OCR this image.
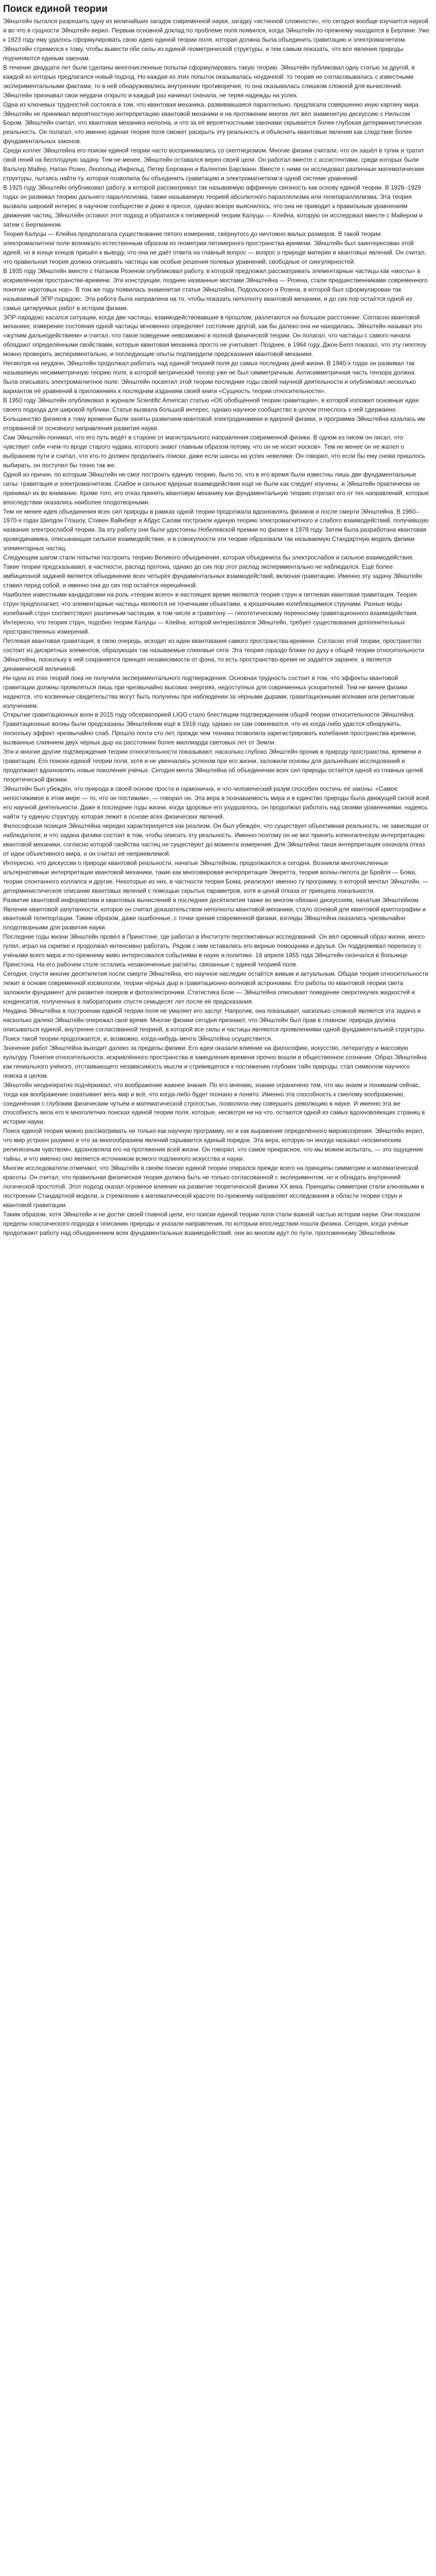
Поиск единой теории

Эйнштейн пытался разрешить одну из величайших загадок современной науки, загадку «истинной сложности», что сегодня вообще изучается наукой и во что в сущности Эйнштейн верил. Первым основной доклад по проблеме поля появился, когда Эйнштейн по-прежнему находился в Берлине. Уже к 1923 году ему удалось сформулировать свою идею единой теории поля, которая должна была объединить гравитацию и электромагнетизм. Эйнштейн стремился к тому, чтобы вывести обе силы из единой геометрической структуры, и тем самым показать, что все явления природы подчиняются единым законам.

В течение двадцати лет были сделаны многочисленные попытки сформулировать такую теорию. Эйнштейн публиковал одну статью за другой, в каждой из которых предлагался новый подход. Но каждая из этих попыток оказывалась неудачной: то теория не согласовывалась с известными экспериментальными фактами, то в ней обнаруживались внутренние противоречия, то она оказывалась слишком сложной для вычислений. Эйнштейн признавал свои неудачи открыто и каждый раз начинал сначала, не теряя надежды на успех.

Одна из ключевых трудностей состояла в том, что квантовая механика, развивавшаяся параллельно, предлагала совершенно иную картину мира. Эйнштейн не принимал вероятностную интерпретацию квантовой механики и на протяжении многих лет вёл знаменитую дискуссию с Нильсом Бором. Эйнштейн считал, что квантовая механика неполна, и что за её вероятностными законами скрывается более глубокая детерминистическая реальность. Он полагал, что именно единая теория поля сможет раскрыть эту реальность и объяснить квантовые явления как следствие более фундаментальных законов.

Среди коллег Эйнштейна его поиски единой теории часто воспринимались со скептицизмом. Многие физики считали, что он зашёл в тупик и тратит свой гений на бесплодную задачу. Тем не менее, Эйнштейн оставался верен своей цели. Он работал вместе с ассистентами, среди которых были Вальтер Майер, Натан Розен, Леопольд Инфельд, Петер Бергманн и Валентин Баргманн. Вместе с ними он исследовал различные математические структуры, пытаясь найти ту, которая позволила бы объединить гравитацию и электромагнетизм в одной системе уравнений.

В 1925 году Эйнштейн опубликовал работу, в которой рассматривал так называемую аффинную связность как основу единой теории. В 1928–1929 годах он развивал теорию дальнего параллелизма, также называемую теорией абсолютного параллелизма или телепараллелизма. Эта теория вызвала широкий интерес в научном сообществе и даже в прессе, однако вскоре выяснилось, что она не приводит к правильным уравнениям движения частиц. Эйнштейн оставил этот подход и обратился к пятимерной теории Калуцы — Клейна, которую он исследовал вместе с Майером и затем с Бергманном.

Теория Калуцы — Клейна предполагала существование пятого измерения, свёрнутого до ничтожно малых размеров. В такой теории электромагнитное поле возникало естественным образом из геометрии пятимерного пространства-времени. Эйнштейн был заинтересован этой идеей, но в конце концов пришёл к выводу, что она не даёт ответа на главный вопрос — вопрос о природе материи и квантовых явлений. Он считал, что правильная теория должна описывать частицы как особые решения полевых уравнений, свободные от сингулярностей.

В 1935 году Эйнштейн вместе с Натаном Розеном опубликовал работу, в которой предложил рассматривать элементарные частицы как «мосты» в искривлённом пространстве-времени. Эти конструкции, позднее названные мостами Эйнштейна — Розена, стали предшественниками современного понятия «кротовых нор». В том же году появилась знаменитая статья Эйнштейна, Подольского и Розена, в которой был сформулирован так называемый ЭПР-парадокс. Эта работа была направлена на то, чтобы показать неполноту квантовой механики, и до сих пор остаётся одной из самых цитируемых работ в истории физики.

ЭПР-парадокс касался ситуации, когда две частицы, взаимодействовавшие в прошлом, разлетаются на большое расстояние. Согласно квантовой механике, измерение состояния одной частицы мгновенно определяет состояние другой, как бы далеко она ни находилась. Эйнштейн называл это «жутким дальнодействием» и считал, что такое поведение невозможно в полной физической теории. Он полагал, что частицы с самого начала обладают определёнными свойствами, которые квантовая механика просто не учитывает. Позднее, в 1964 году, Джон Белл показал, что эту гипотезу можно проверить экспериментально, и последующие опыты подтвердили предсказания квантовой механики.

Несмотря на неудачи, Эйнштейн продолжал работать над единой теорией поля до самых последних дней жизни. В 1940-х годах он развивал так называемую несимметричную теорию поля, в которой метрический тензор уже не был симметричным. Антисимметричная часть тензора должна была описывать электромагнитное поле. Эйнштейн посвятил этой теории последние годы своей научной деятельности и опубликовал несколько вариантов её уравнений в приложениях к последним изданиям своей книги «Сущность теории относительности».

В 1950 году Эйнштейн опубликовал в журнале Scientific American статью «Об обобщённой теории гравитации», в которой изложил основные идеи своего подхода для широкой публики. Статья вызвала большой интерес, однако научное сообщество в целом отнеслось к ней сдержанно. Большинство физиков к тому времени были заняты развитием квантовой электродинамики и ядерной физики, и программа Эйнштейна казалась им оторванной от основного направления развития науки.

Сам Эйнштейн понимал, что его путь ведёт в стороне от магистрального направления современной физики. В одном из писем он писал, что чувствует себя «чем-то вроде старого чудака, которого знают главным образом потому, что он не носит носков». Тем не менее он не жалел о выбранном пути и считал, что кто-то должен продолжать поиски, даже если шансы на успех невелики. Он говорил, что если бы ему снова пришлось выбирать, он поступил бы точно так же.

Одной из причин, по которым Эйнштейн не смог построить единую теорию, было то, что в его время были известны лишь две фундаментальные силы: гравитация и электромагнетизм. Слабое и сильное ядерные взаимодействия ещё не были как следует изучены, и Эйнштейн практически не принимал их во внимание. Кроме того, его отказ принять квантовую механику как фундаментальную теорию отрезал его от тех направлений, которые впоследствии оказались наиболее плодотворными.

Тем не менее идея объединения всех сил природы в рамках одной теории продолжала вдохновлять физиков и после смерти Эйнштейна. В 1960–1970-х годах Шелдон Глэшоу, Стивен Вайнберг и Абдус Салам построили единую теорию электромагнитного и слабого взаимодействий, получившую название электрослабой теории. За эту работу они были удостоены Нобелевской премии по физике в 1979 году. Затем была разработана квантовая хромодинамика, описывающая сильное взаимодействие, и в совокупности эти теории образовали так называемую Стандартную модель физики элементарных частиц.

Следующим шагом стали попытки построить теорию Великого объединения, которая объединила бы электрослабое и сильное взаимодействия. Такие теории предсказывают, в частности, распад протона, однако до сих пор этот распад экспериментально не наблюдался. Ещё более амбициозной задачей является объединение всех четырёх фундаментальных взаимодействий, включая гравитацию. Именно эту задачу Эйнштейн ставил перед собой, и именно она до сих пор остаётся нерешённой.

Наиболее известными кандидатами на роль «теории всего» в настоящее время являются теория струн и петлевая квантовая гравитация. Теория струн предполагает, что элементарные частицы являются не точечными объектами, а крошечными колеблющимися струнами. Разные моды колебаний струн соответствуют различным частицам, в том числе и гравитону — гипотетическому переносчику гравитационного взаимодействия. Интересно, что теория струн, подобно теории Калуцы — Клейна, которой интересовался Эйнштейн, требует существования дополнительных пространственных измерений.

Петлевая квантовая гравитация, в свою очередь, исходит из идеи квантования самого пространства-времени. Согласно этой теории, пространство состоит из дискретных элементов, образующих так называемые спиновые сети. Эта теория гораздо ближе по духу к общей теории относительности Эйнштейна, поскольку в ней сохраняется принцип независимости от фона, то есть пространство-время не задаётся заранее, а является динамической величиной.

Ни одна из этих теорий пока не получила экспериментального подтверждения. Основная трудность состоит в том, что эффекты квантовой гравитации должны проявляться лишь при чрезвычайно высоких энергиях, недоступных для современных ускорителей. Тем не менее физики надеются, что косвенные свидетельства могут быть получены при наблюдении за чёрными дырами, гравитационными волнами или реликтовым излучением.

Открытие гравитационных волн в 2015 году обсерваторией LIGO стало блестящим подтверждением общей теории относительности Эйнштейна. Гравитационные волны были предсказаны Эйнштейном ещё в 1916 году, однако он сам сомневался, что их когда-либо удастся обнаружить, поскольку эффект чрезвычайно слаб. Прошло почти сто лет, прежде чем техника позволила зарегистрировать колебания пространства-времени, вызванные слиянием двух чёрных дыр на расстоянии более миллиарда световых лет от Земли.

Эти и многие другие подтверждения теории относительности показывают, насколько глубоко Эйнштейн проник в природу пространства, времени и гравитации. Его поиски единой теории поля, хотя и не увенчались успехом при его жизни, заложили основы для дальнейших исследований и продолжают вдохновлять новые поколения учёных. Сегодня мечта Эйнштейна об объединении всех сил природы остаётся одной из главных целей теоретической физики.

Эйнштейн был убеждён, что природа в своей основе проста и гармонична, и что человеческий разум способен постичь её законы. «Самое непостижимое в этом мире — то, что он постижим», — говорил он. Эта вера в познаваемость мира и в единство природы была движущей силой всей его научной деятельности. Даже в последние годы жизни, когда здоровье его ухудшалось, он продолжал работать над своими уравнениями, надеясь найти ту единую структуру, которая лежит в основе всех физических явлений.

Философская позиция Эйнштейна нередко характеризуется как реализм. Он был убеждён, что существует объективная реальность, не зависящая от наблюдателя, и что задача физики состоит в том, чтобы описать эту реальность. Именно поэтому он не мог принять копенгагенскую интерпретацию квантовой механики, согласно которой свойства частиц не существуют до момента измерения. Для Эйнштейна такая интерпретация означала отказ от идеи объективного мира, и он считал её неприемлемой.

Интересно, что дискуссии о природе квантовой реальности, начатые Эйнштейном, продолжаются и сегодня. Возникли многочисленные альтернативные интерпретации квантовой механики, такие как многомировая интерпретация Эверетта, теория волны-пилота де Бройля — Бома, теории спонтанного коллапса и другие. Некоторые из них, в частности теория Бома, реализуют именно ту программу, о которой мечтал Эйнштейн, — детерминистическое описание квантовых явлений с помощью скрытых параметров, хотя и ценой отказа от принципа локальности.

Развитие квантовой информатики и квантовых вычислений в последние десятилетия также во многом обязано дискуссиям, начатым Эйнштейном. Явление квантовой запутанности, которое он считал доказательством неполноты квантовой механики, стало основой для квантовой криптографии и квантовой телепортации. Таким образом, даже ошибочные, с точки зрения современной физики, взгляды Эйнштейна оказались чрезвычайно плодотворными для развития науки.

Последние годы жизни Эйнштейн провёл в Принстоне, где работал в Институте перспективных исследований. Он вёл скромный образ жизни, много гулял, играл на скрипке и продолжал интенсивно работать. Рядом с ним оставались его верные помощники и друзья. Он поддерживал переписку с учёными всего мира и по-прежнему живо интересовался событиями в науке и политике. 18 апреля 1955 года Эйнштейн скончался в больнице Принстона. На его рабочем столе остались незаконченные расчёты, связанные с единой теорией поля.

Сегодня, спустя многие десятилетия после смерти Эйнштейна, его научное наследие остаётся живым и актуальным. Общая теория относительности лежит в основе современной космологии, теории чёрных дыр и гравитационно-волновой астрономии. Его работы по квантовой теории света заложили фундамент для развития лазеров и фотоэлектроники. Статистика Бозе — Эйнштейна описывает поведение сверхтекучих жидкостей и конденсатов, полученных в лабораториях спустя семьдесят лет после её предсказания.

Неудача Эйнштейна в построении единой теории поля не умаляет его заслуг. Напротив, она показывает, насколько сложной является эта задача и насколько далеко Эйнштейн опережал своё время. Многие физики сегодня признают, что Эйнштейн был прав в главном: природа должна описываться единой, внутренне согласованной теорией, в которой все силы и частицы являются проявлениями одной фундаментальной структуры. Поиск такой теории продолжается, и, возможно, когда-нибудь мечта Эйнштейна осуществится.

Значение работ Эйнштейна выходит далеко за пределы физики. Его идеи оказали влияние на философию, искусство, литературу и массовую культуру. Понятия относительности, искривлённого пространства и замедления времени прочно вошли в общественное сознание. Образ Эйнштейна как гениального учёного, отстаивающего независимость мысли и стремящегося к постижению глубоких тайн природы, стал символом научного поиска в целом.

Эйнштейн неоднократно подчёркивал, что воображение важнее знания. По его мнению, знание ограничено тем, что мы знаем и понимаем сейчас, тогда как воображение охватывает весь мир и всё, что когда-либо будет познано и понято. Именно эта способность к смелому воображению, соединённая с глубоким физическим чутьём и математической строгостью, позволила ему совершить революцию в науке. И именно эта же способность вела его в многолетних поисках единой теории поля, которые, несмотря ни на что, остаются одной из самых вдохновляющих страниц в истории науки.

Поиск единой теории можно рассматривать не только как научную программу, но и как выражение определённого мировоззрения. Эйнштейн верил, что мир устроен разумно и что за многообразием явлений скрывается единый порядок. Эта вера, которую он иногда называл «космическим религиозным чувством», вдохновляла его на протяжении всей жизни. Он говорил, что самое прекрасное, что мы можем испытать, — это ощущение тайны, и что именно оно является источником всякого подлинного искусства и науки.

Многие исследователи отмечают, что Эйнштейн в своём поиске единой теории опирался прежде всего на принципы симметрии и математической красоты. Он считал, что правильная физическая теория должна быть не только согласованной с экспериментом, но и обладать внутренней логической простотой. Этот подход оказал огромное влияние на развитие теоретической физики XX века. Принципы симметрии стали ключевыми в построении Стандартной модели, а стремление к математической красоте по-прежнему направляет исследования в области теории струн и квантовой гравитации.

Таким образом, хотя Эйнштейн и не достиг своей главной цели, его поиски единой теории поля стали важной частью истории науки. Они показали пределы классического подхода к описанию природы и указали направления, по которым впоследствии пошла физика. Сегодня, когда учёные продолжают работу над объединением всех фундаментальных взаимодействий, они во многом идут по пути, проложенному Эйнштейном.
